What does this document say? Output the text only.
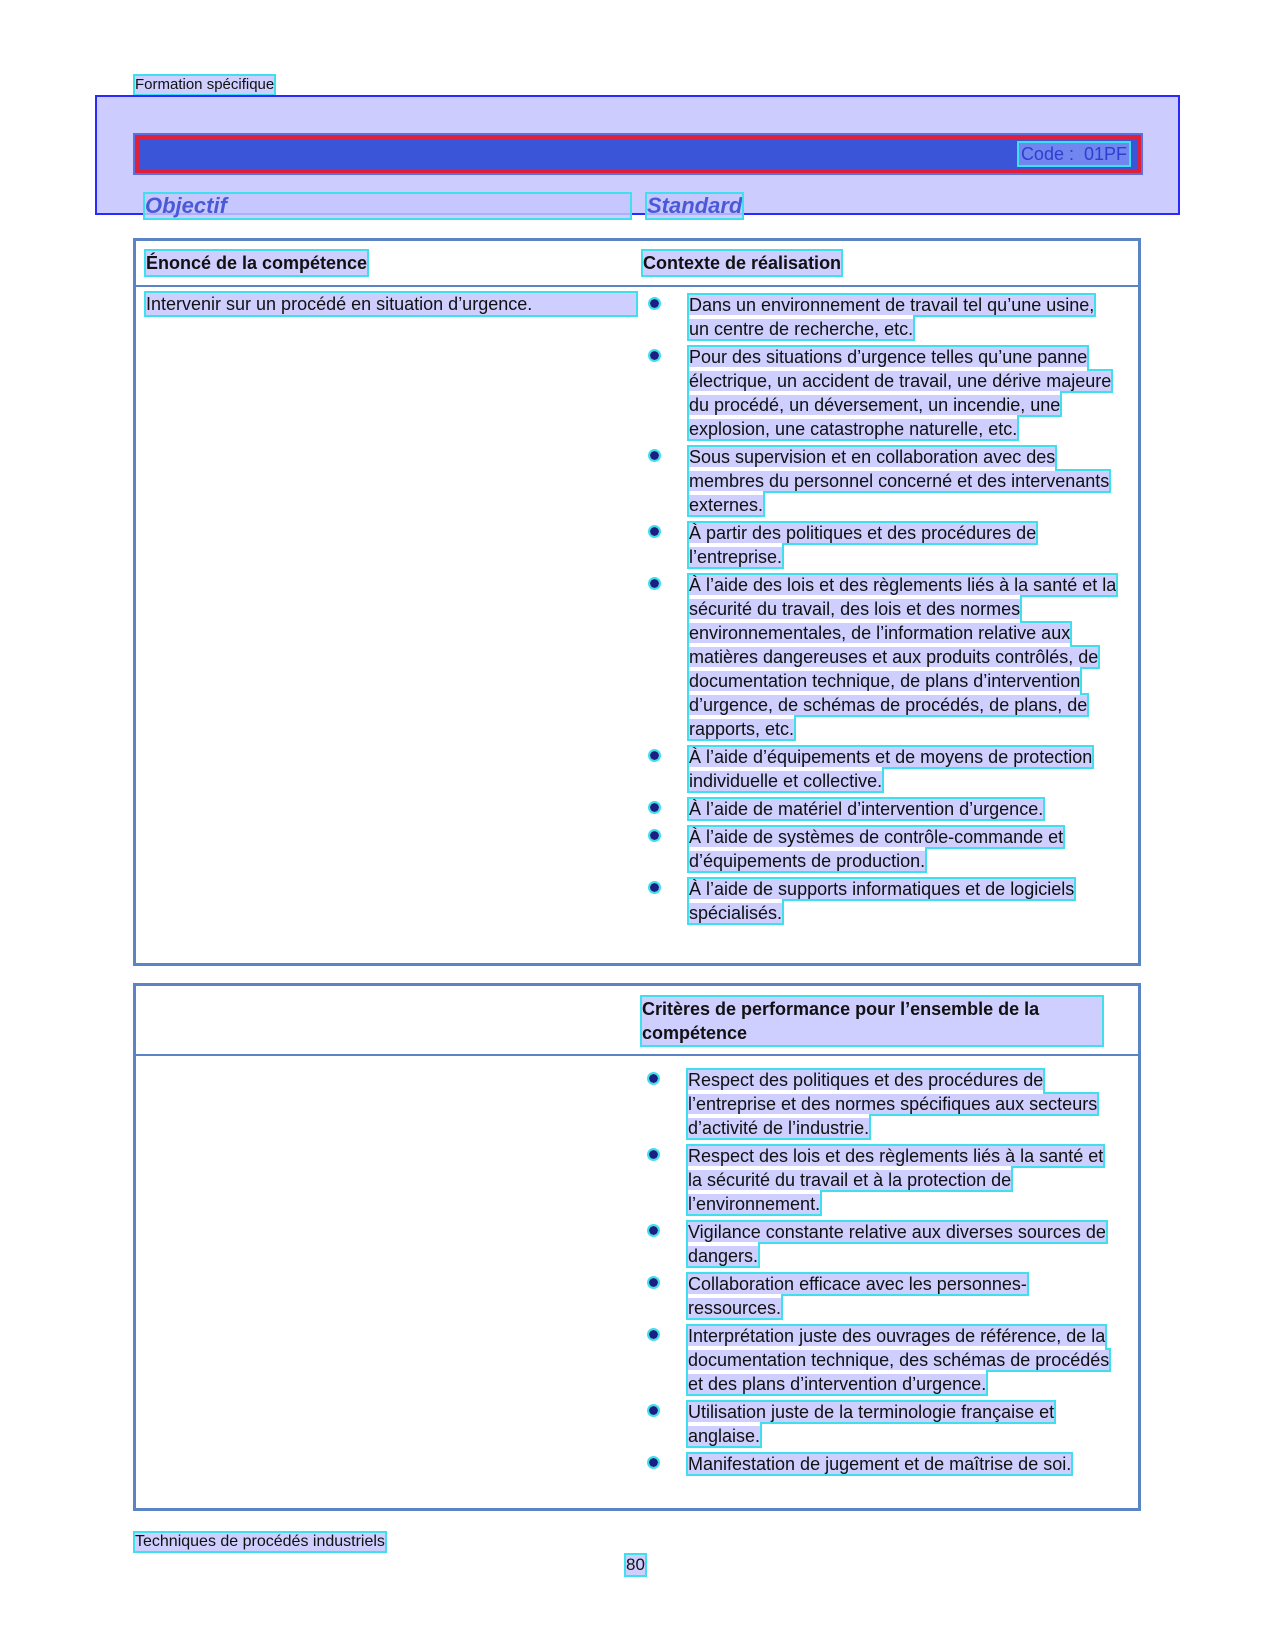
Formation spécifique
Code :  01PF
Objectif	Standard
Énoncé de la compétence	Contexte de réalisation
Intervenir sur un procédé en situation d’urgence.	Dans un environnement de travail tel qu’une usine, un centre de recherche, etc.
Pour des situations d’urgence telles qu’une panne électrique, un accident de travail, une dérive majeure du procédé, un déversement, un incendie, une explosion, une catastrophe naturelle, etc.
Sous supervision et en collaboration avec des membres du personnel concerné et des intervenants externes.
À partir des politiques et des procédures de l’entreprise.
À l’aide des lois et des règlements liés à la santé et la sécurité du travail, des lois et des normes environnementales, de l’information relative aux matières dangereuses et aux produits contrôlés, de documentation technique, de plans d’intervention d’urgence, de schémas de procédés, de plans, de rapports, etc.
À l’aide d’équipements et de moyens de protection individuelle et collective.
À l’aide de matériel d’intervention d’urgence.
À l’aide de systèmes de contrôle-commande et d’équipements de production.
À l’aide de supports informatiques et de logiciels spécialisés.
Critères de performance pour l’ensemble de la compétence
Respect des politiques et des procédures de l’entreprise et des normes spécifiques aux secteurs d’activité de l’industrie.
Respect des lois et des règlements liés à la santé et la sécurité du travail et à la protection de l’environnement.
Vigilance constante relative aux diverses sources de dangers.
Collaboration efficace avec les personnes-ressources.
Interprétation juste des ouvrages de référence, de la documentation technique, des schémas de procédés et des plans d’intervention d’urgence.
Utilisation juste de la terminologie française et anglaise.
Manifestation de jugement et de maîtrise de soi.
Techniques de procédés industriels
80
